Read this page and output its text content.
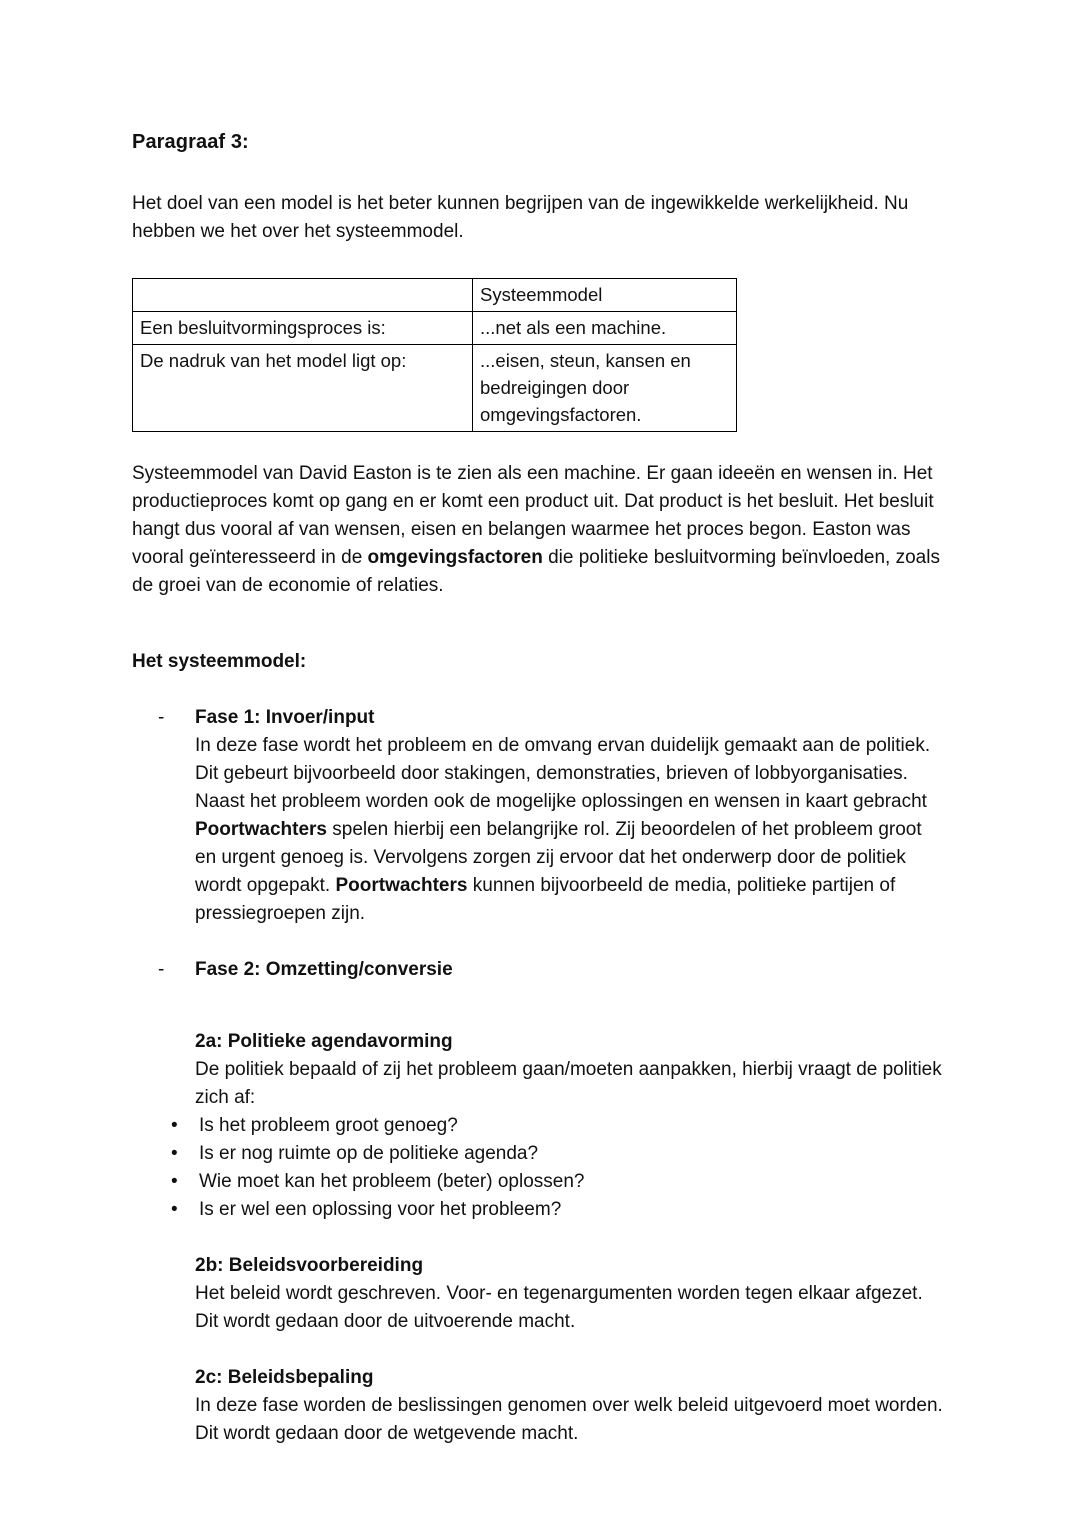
Paragraaf 3:

Het doel van een model is het beter kunnen begrijpen van de ingewikkelde werkelijkheid. Nu hebben we het over het systeemmodel.

	Systeemmodel
Een besluitvormingsproces is:	...net als een machine.
De nadruk van het model ligt op:	...eisen, steun, kansen en bedreigingen door omgevingsfactoren.

Systeemmodel van David Easton is te zien als een machine. Er gaan ideeën en wensen in. Het productieproces komt op gang en er komt een product uit. Dat product is het besluit. Het besluit hangt dus vooral af van wensen, eisen en belangen waarmee het proces begon. Easton was vooral geïnteresseerd in de omgevingsfactoren die politieke besluitvorming beïnvloeden, zoals de groei van de economie of relaties.

Het systeemmodel:
- Fase 1: Invoer/input

In deze fase wordt het probleem en de omvang ervan duidelijk gemaakt aan de politiek. Dit gebeurt bijvoorbeeld door stakingen, demonstraties, brieven of lobbyorganisaties. Naast het probleem worden ook de mogelijke oplossingen en wensen in kaart gebracht

Poortwachters spelen hierbij een belangrijke rol. Zij beoordelen of het probleem groot en urgent genoeg is. Vervolgens zorgen zij ervoor dat het onderwerp door de politiek wordt opgepakt. Poortwachters kunnen bijvoorbeeld de media, politieke partijen of pressiegroepen zijn.

- Fase 2: Omzetting/conversie

2a: Politieke agendavorming

De politiek bepaald of zij het probleem gaan/moeten aanpakken, hierbij vraagt de politiek zich af:

• Is het probleem groot genoeg?
• Is er nog ruimte op de politieke agenda?
• Wie moet kan het probleem (beter) oplossen?
• Is er wel een oplossing voor het probleem?

2b: Beleidsvoorbereiding

Het beleid wordt geschreven. Voor- en tegenargumenten worden tegen elkaar afgezet. Dit wordt gedaan door de uitvoerende macht.

2c: Beleidsbepaling

In deze fase worden de beslissingen genomen over welk beleid uitgevoerd moet worden. Dit wordt gedaan door de wetgevende macht.
